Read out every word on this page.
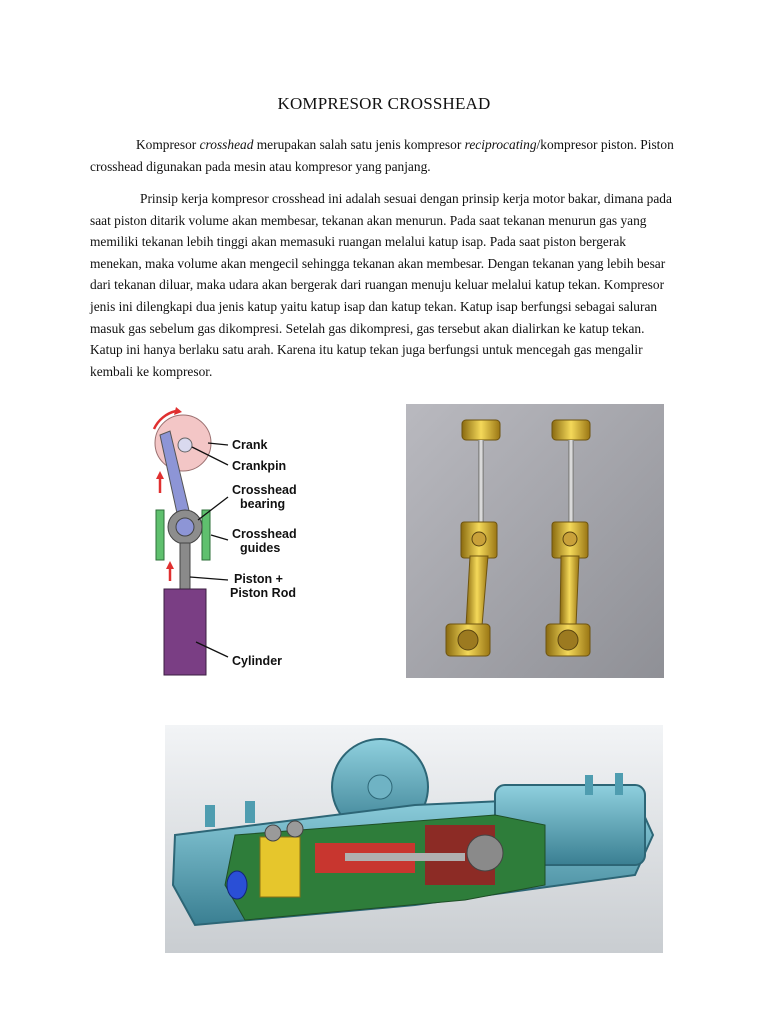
KOMPRESOR CROSSHEAD

Kompresor crosshead merupakan salah satu jenis kompresor reciprocating/kompresor piston. Piston crosshead digunakan pada mesin atau kompresor yang panjang.

Prinsip kerja kompresor crosshead ini adalah sesuai dengan prinsip kerja motor bakar, dimana pada saat piston ditarik volume akan membesar, tekanan akan menurun. Pada saat tekanan menurun gas yang memiliki tekanan lebih tinggi akan memasuki ruangan melalui katup isap. Pada saat piston bergerak menekan, maka volume akan mengecil sehingga tekanan akan membesar. Dengan tekanan yang lebih besar dari tekanan diluar, maka udara akan bergerak dari ruangan menuju keluar melalui katup tekan. Kompresor jenis ini dilengkapi dua jenis katup yaitu katup isap dan katup tekan. Katup isap berfungsi sebagai saluran masuk gas sebelum gas dikompresi. Setelah gas dikompresi, gas tersebut akan dialirkan ke katup tekan. Katup ini hanya berlaku satu arah. Karena itu katup tekan juga berfungsi untuk mencegah gas mengalir kembali ke kompresor.

Crank
Crankpin
Crosshead
bearing
Crosshead
guides
Piston +
Piston Rod
Cylinder
